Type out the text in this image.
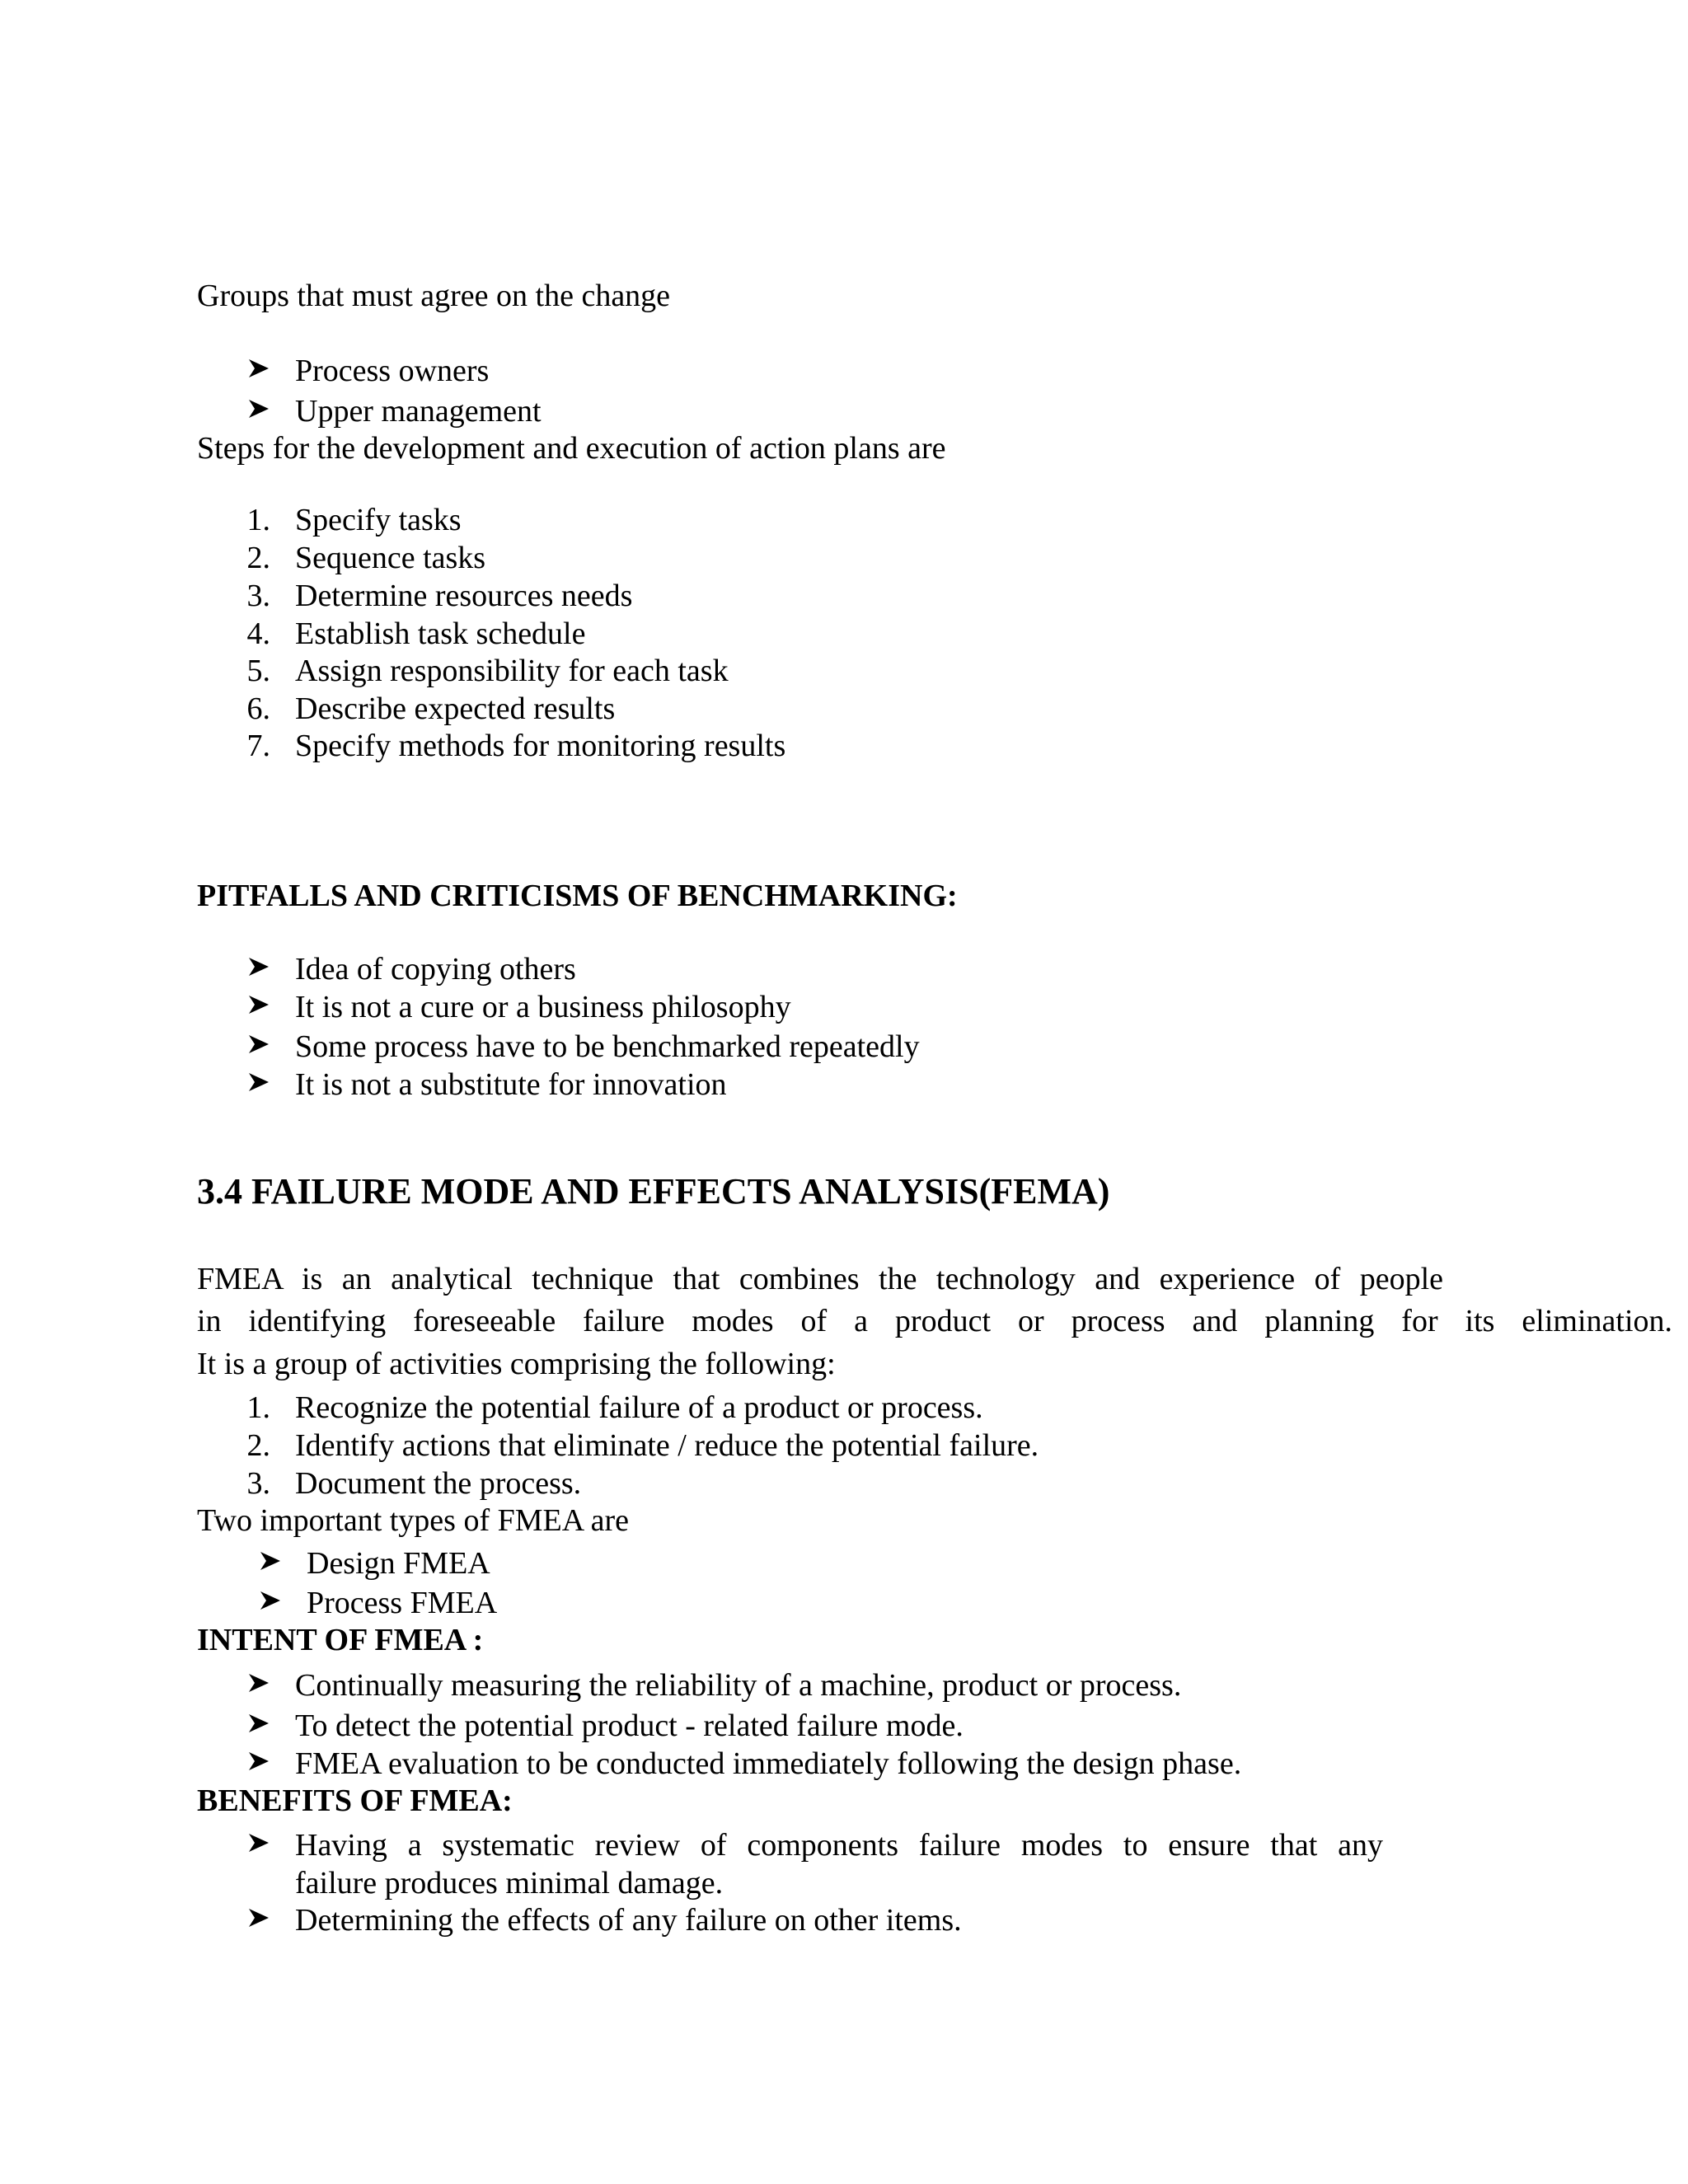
Groups that must agree on the change
Process owners
Upper management
Steps for the development and execution of action plans are
1. Specify tasks
2. Sequence tasks
3. Determine resources needs
4. Establish task schedule
5. Assign responsibility for each task
6. Describe expected results
7. Specify methods for monitoring results
PITFALLS AND CRITICISMS OF BENCHMARKING:
Idea of copying others
It is not a cure or a business philosophy
Some process have to be benchmarked repeatedly
It is not a substitute for innovation
3.4 FAILURE MODE AND EFFECTS ANALYSIS(FEMA)
FMEA is an analytical technique that combines the technology and experience of people
in identifying foreseeable failure modes of a product or process and planning for its elimination.
It is a group of activities comprising the following:
1. Recognize the potential failure of a product or process.
2. Identify actions that eliminate / reduce the potential failure.
3. Document the process.
Two important types of FMEA are
Design FMEA
Process FMEA
INTENT OF FMEA :
Continually measuring the reliability of a machine, product or process.
To detect the potential product - related failure mode.
FMEA evaluation to be conducted immediately following the design phase.
BENEFITS OF FMEA:
Having a systematic review of components failure modes to ensure that any
failure produces minimal damage.
Determining the effects of any failure on other items.
